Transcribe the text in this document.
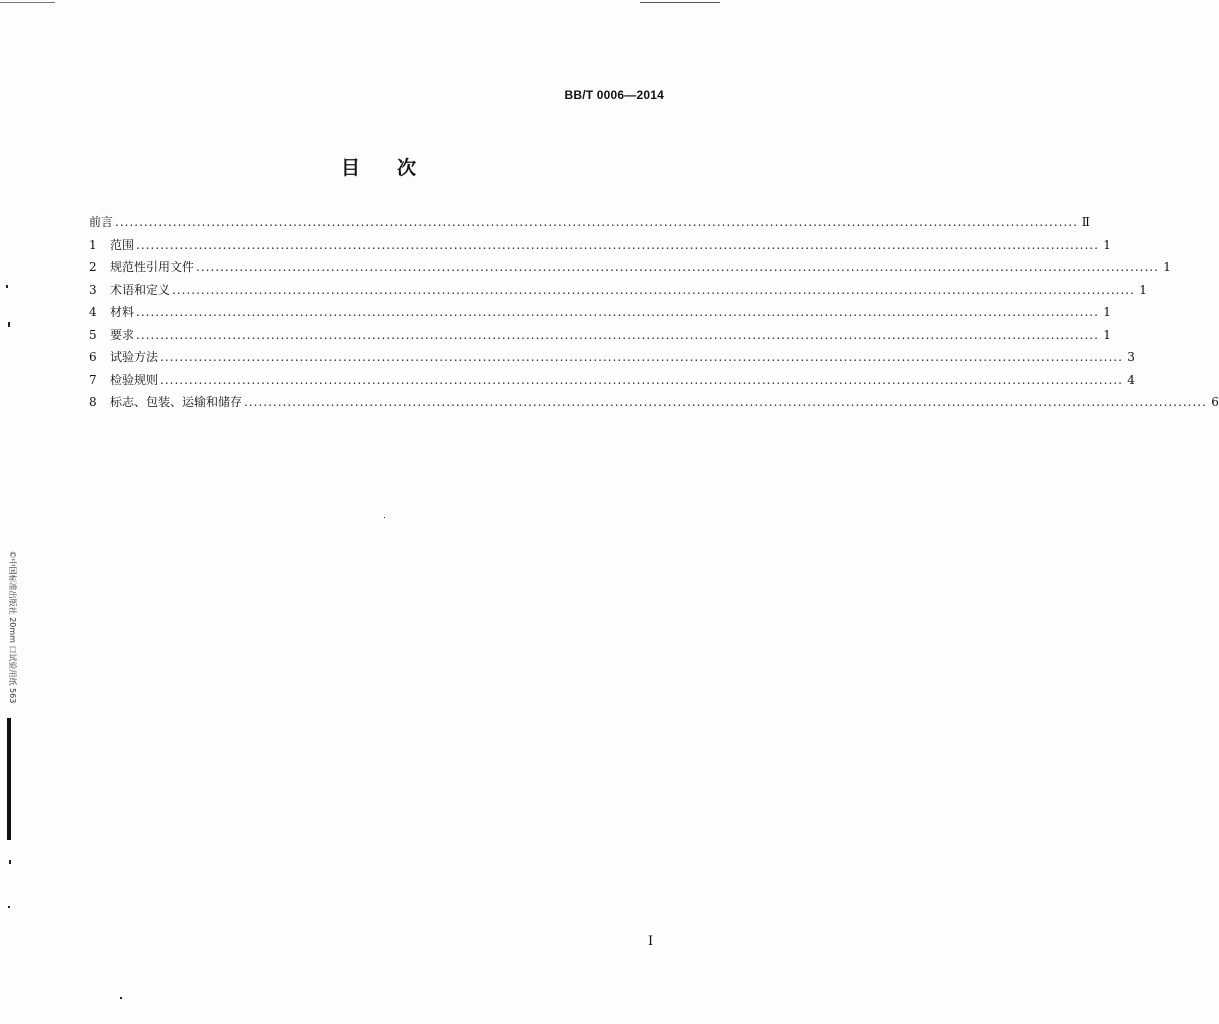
BB/T 0006—2014
目 次
前言 ........................................................................................................................................................................................................ Ⅱ
1	范围 ........................................................................................................................................................................................................ 1
2	规范性引用文件 ........................................................................................................................................................................................................ 1
3	术语和定义 ........................................................................................................................................................................................................ 1
4	材料 ........................................................................................................................................................................................................ 1
5	要求 ........................................................................................................................................................................................................ 1
6	试验方法 ........................................................................................................................................................................................................ 3
7	检验规则 ........................................................................................................................................................................................................ 4
8	标志、包装、运输和储存 ........................................................................................................................................................................................................ 6
I
©中国标准出版社 20mm 口试验用纸 563
